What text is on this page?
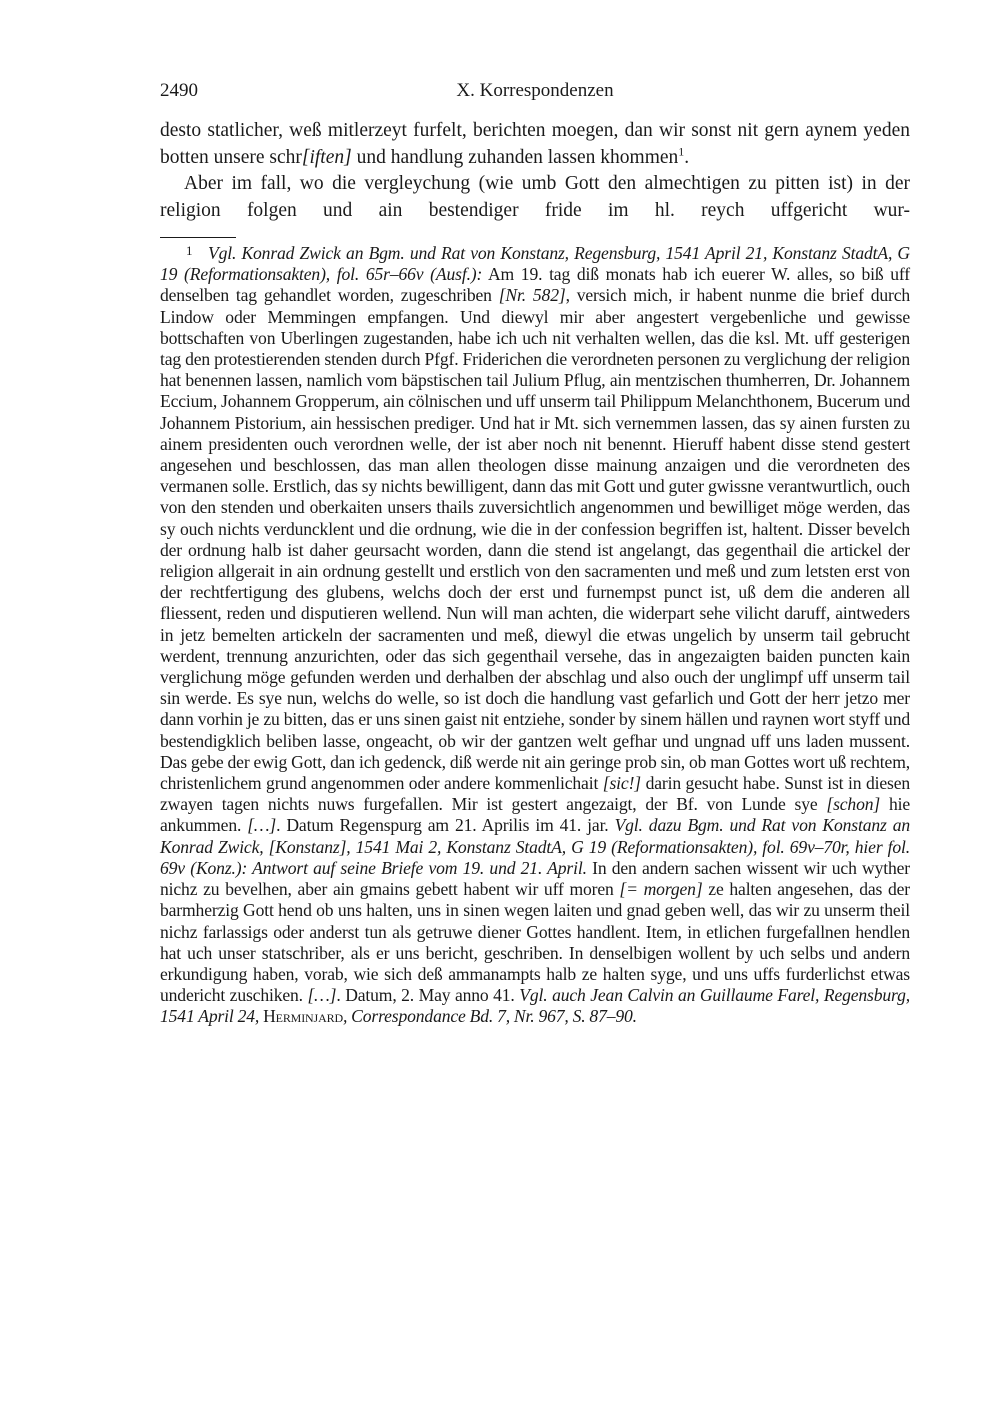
2490	X. Korrespondenzen

desto statlicher, weß mitlerzeyt furfelt, berichten moegen, dan wir sonst nit gern aynem yeden botten unsere schr[iften] und handlung zuhanden lassen khommen$^1$.

Aber im fall, wo die vergleychung (wie umb Gott den almechtigen zu pitten ist) in der religion folgen und ain bestendiger fride im hl. reych uffgericht wur-

1 Vgl. Konrad Zwick an Bgm. und Rat von Konstanz, Regensburg, 1541 April 21, Konstanz StadtA, G 19 (Reformationsakten), fol. 65r–66v (Ausf.): Am 19. tag diß monats hab ich euerer W. alles, so biß uff denselben tag gehandlet worden, zugeschriben [Nr. 582], versich mich, ir habent nunme die brief durch Lindow oder Memmingen empfangen. Und diewyl mir aber angestert vergebenliche und gewisse bottschaften von Uberlingen zugestanden, habe ich uch nit verhalten wellen, das die ksl. Mt. uff gesterigen tag den protestierenden stenden durch Pfgf. Friderichen die verordneten personen zu verglichung der religion hat benennen lassen, namlich vom bäpstischen tail Julium Pflug, ain mentzischen thumherren, Dr. Johannem Eccium, Johannem Gropperum, ain cölnischen und uff unserm tail Philippum Melanchthonem, Bucerum und Johannem Pistorium, ain hessischen prediger. Und hat ir Mt. sich vernemmen lassen, das sy ainen fursten zu ainem presidenten ouch verordnen welle, der ist aber noch nit benennt. Hieruff habent disse stend gestert angesehen und beschlossen, das man allen theologen disse mainung anzaigen und die verordneten des vermanen solle. Erstlich, das sy nichts bewilligent, dann das mit Gott und guter gwissne verantwurtlich, ouch von den stenden und oberkaiten unsers thails zuversichtlich angenommen und bewilliget möge werden, das sy ouch nichts verduncklent und die ordnung, wie die in der confession begriffen ist, haltent. Disser bevelch der ordnung halb ist daher geursacht worden, dann die stend ist angelangt, das gegenthail die artickel der religion allgerait in ain ordnung gestellt und erstlich von den sacramenten und meß und zum letsten erst von der rechtfertigung des glubens, welchs doch der erst und furnempst punct ist, uß dem die anderen all fliessent, reden und disputieren wellend. Nun will man achten, die widerpart sehe vilicht daruff, aintweders in jetz bemelten artickeln der sacramenten und meß, diewyl die etwas ungelich by unserm tail gebrucht werdent, trennung anzurichten, oder das sich gegenthail versehe, das in angezaigten baiden puncten kain verglichung möge gefunden werden und derhalben der abschlag und also ouch der unglimpf uff unserm tail sin werde. Es sye nun, welchs do welle, so ist doch die handlung vast gefarlich und Gott der herr jetzo mer dann vorhin je zu bitten, das er uns sinen gaist nit entziehe, sonder by sinem hällen und raynen wort styff und bestendigklich beliben lasse, ongeacht, ob wir der gantzen welt gefhar und ungnad uff uns laden mussent. Das gebe der ewig Gott, dan ich gedenck, diß werde nit ain geringe prob sin, ob man Gottes wort uß rechtem, christenlichem grund angenommen oder andere kommenlichait [sic!] darin gesucht habe. Sunst ist in diesen zwayen tagen nichts nuws furgefallen. Mir ist gestert angezaigt, der Bf. von Lunde sye [schon] hie ankummen. […]. Datum Regenspurg am 21. Aprilis im 41. jar. Vgl. dazu Bgm. und Rat von Konstanz an Konrad Zwick, [Konstanz], 1541 Mai 2, Konstanz StadtA, G 19 (Reformationsakten), fol. 69v–70r, hier fol. 69v (Konz.): Antwort auf seine Briefe vom 19. und 21. April. In den andern sachen wissent wir uch wyther nichz zu bevelhen, aber ain gmains gebett habent wir uff moren [= morgen] ze halten angesehen, das der barmherzig Gott hend ob uns halten, uns in sinen wegen laiten und gnad geben well, das wir zu unserm theil nichz farlassigs oder anderst tun als getruwe diener Gottes handlent. Item, in etlichen furgefallnen hendlen hat uch unser statschriber, als er uns bericht, geschriben. In denselbigen wollent by uch selbs und andern erkundigung haben, vorab, wie sich deß ammanampts halb ze halten syge, und uns uffs furderlichst etwas undericht zuschiken. […]. Datum, 2. May anno 41. Vgl. auch Jean Calvin an Guillaume Farel, Regensburg, 1541 April 24, Herminjard, Correspondance Bd. 7, Nr. 967, S. 87–90.
